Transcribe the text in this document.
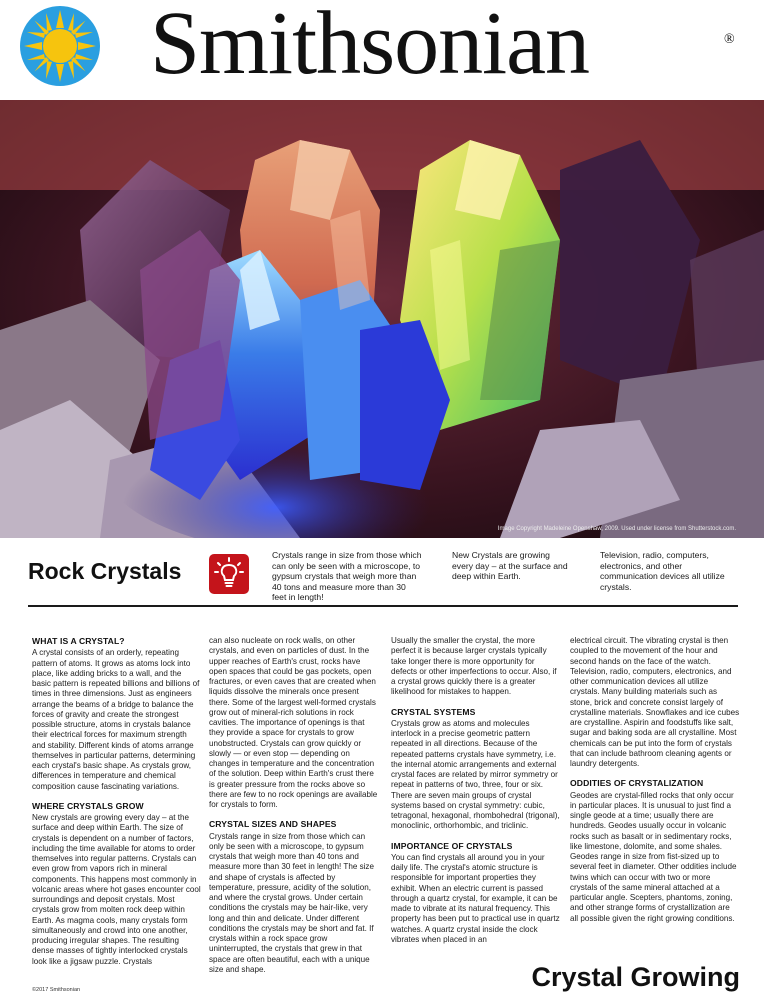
Smithsonian	®
Image Copyright Madeleine Openshaw, 2009. Used under license from Shutterstock.com.
Rock Crystals
Crystals range in size from those which can only be seen with a microscope, to gypsum crystals that weigh more than 40 tons and measure more than 30 feet in length!
New Crystals are growing every day – at the surface and deep within Earth.
Television, radio, computers, electronics, and other communication devices all utilize crystals.
WHAT IS A CRYSTAL?

A crystal consists of an orderly, repeating pattern of atoms. It grows as atoms lock into place, like adding bricks to a wall, and the basic pattern is repeated billions and billions of times in three dimensions. Just as engineers arrange the beams of a bridge to balance the forces of gravity and create the strongest possible structure, atoms in crystals balance their electrical forces for maximum strength and stability. Different kinds of atoms arrange themselves in particular patterns, determining each crystal's basic shape. As crystals grow, differences in temperature and chemical composition cause fascinating variations.

WHERE CRYSTALS GROW

New crystals are growing every day – at the surface and deep within Earth. The size of crystals is dependent on a number of factors, including the time available for atoms to order themselves into regular patterns. Crystals can even grow from vapors rich in mineral components. This happens most commonly in volcanic areas where hot gases encounter cool surroundings and deposit crystals. Most crystals grow from molten rock deep within Earth. As magma cools, many crystals form simultaneously and crowd into one another, producing irregular shapes. The resulting dense masses of tightly interlocked crystals look like a jigsaw puzzle. Crystals

can also nucleate on rock walls, on other crystals, and even on particles of dust. In the upper reaches of Earth's crust, rocks have open spaces that could be gas pockets, open fractures, or even caves that are created when liquids dissolve the minerals once present there. Some of the largest well-formed crystals grow out of mineral-rich solutions in rock cavities. The importance of openings is that they provide a space for crystals to grow unobstructed. Crystals can grow quickly or slowly — or even stop — depending on changes in temperature and the concentration of the solution. Deep within Earth's crust there is greater pressure from the rocks above so there are few to no rock openings are available for crystals to form.

CRYSTAL SIZES AND SHAPES

Crystals range in size from those which can only be seen with a microscope, to gypsum crystals that weigh more than 40 tons and measure more than 30 feet in length! The size and shape of crystals is affected by temperature, pressure, acidity of the solution, and where the crystal grows. Under certain conditions the crystals may be hair-like, very long and thin and delicate. Under different conditions the crystals may be short and fat. If crystals within a rock space grow uninterrupted, the crystals that grew in that space are often beautiful, each with a unique size and shape.

Usually the smaller the crystal, the more perfect it is because larger crystals typically take longer there is more opportunity for defects or other imperfections to occur. Also, if a crystal grows quickly there is a greater likelihood for mistakes to happen.

CRYSTAL SYSTEMS

Crystals grow as atoms and molecules interlock in a precise geometric pattern repeated in all directions. Because of the repeated patterns crystals have symmetry, i.e. the internal atomic arrangements and external crystal faces are related by mirror symmetry or repeat in patterns of two, three, four or six. There are seven main groups of crystal systems based on crystal symmetry: cubic, tetragonal, hexagonal, rhombohedral (trigonal), monoclinic, orthorhombic, and triclinic.

IMPORTANCE OF CRYSTALS

You can find crystals all around you in your daily life. The crystal's atomic structure is responsible for important properties they exhibit. When an electric current is passed through a quartz crystal, for example, it can be made to vibrate at its natural frequency. This property has been put to practical use in quartz watches. A quartz crystal inside the clock vibrates when placed in an

electrical circuit. The vibrating crystal is then coupled to the movement of the hour and second hands on the face of the watch. Television, radio, computers, electronics, and other communication devices all utilize crystals. Many building materials such as stone, brick and concrete consist largely of crystalline materials. Snowflakes and ice cubes are crystalline. Aspirin and foodstuffs like salt, sugar and baking soda are all crystalline. Most chemicals can be put into the form of crystals that can include bathroom cleaning agents or laundry detergents.

ODDITIES OF CRYSTALIZATION

Geodes are crystal-filled rocks that only occur in particular places. It is unusual to just find a single geode at a time; usually there are hundreds. Geodes usually occur in volcanic rocks such as basalt or in sedimentary rocks, like limestone, dolomite, and some shales. Geodes range in size from fist-sized up to several feet in diameter. Other oddities include twins which can occur with two or more crystals of the same mineral attached at a particular angle. Scepters, phantoms, zoning, and other strange forms of crystallization are all possible given the right growing conditions.

©2017 Smithsonian	Crystal Growing
